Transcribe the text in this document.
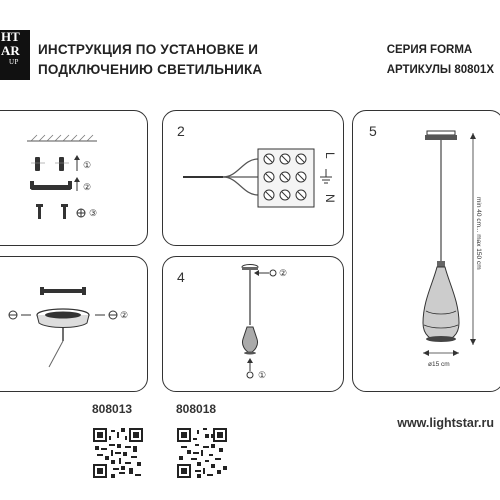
HT
AR
UP
ИНСТРУКЦИЯ ПО УСТАНОВКЕ И
ПОДКЛЮЧЕНИЮ СВЕТИЛЬНИКА
СЕРИЯ FORMA
АРТИКУЛЫ 80801Х
①
②
③
2
L
N
②
4	②
①
5
min 40 cm... max 150 cm
ø15 cm
808013	808018
www.lightstar.ru
